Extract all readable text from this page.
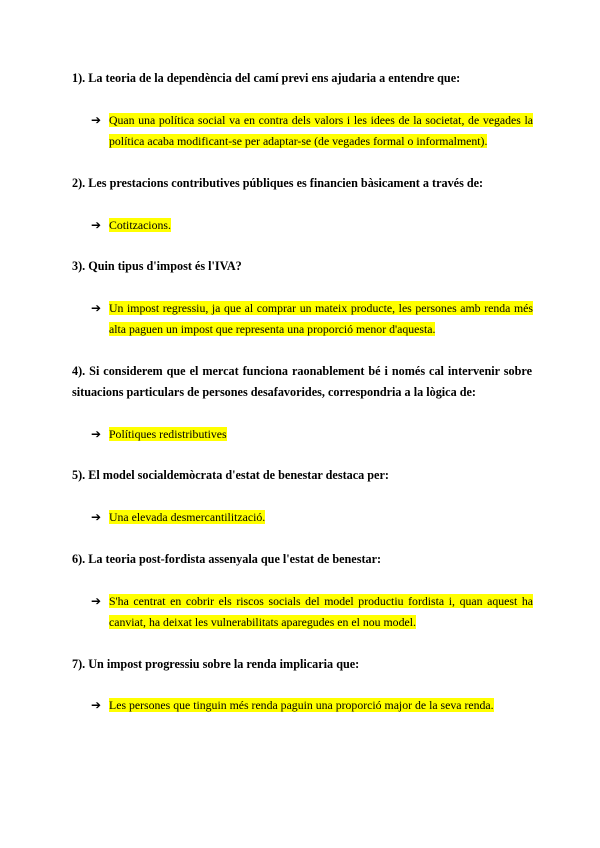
1). La teoria de la dependència del camí previ ens ajudaria a entendre que:

➔ Quan una política social va en contra dels valors i les idees de la societat, de vegades la política acaba modificant-se per adaptar-se (de vegades formal o informalment).

2). Les prestacions contributives públiques es financien bàsicament a través de:

➔ Cotitzacions.

3). Quin tipus d'impost és l'IVA?

➔ Un impost regressiu, ja que al comprar un mateix producte, les persones amb renda més alta paguen un impost que representa una proporció menor d'aquesta.

4). Si considerem que el mercat funciona raonablement bé i només cal intervenir sobre situacions particulars de persones desafavorides, correspondria a la lògica de:

➔ Polítiques redistributives

5). El model socialdemòcrata d'estat de benestar destaca per:

➔ Una elevada desmercantilització.

6). La teoria post-fordista assenyala que l'estat de benestar:

➔ S'ha centrat en cobrir els riscos socials del model productiu fordista i, quan aquest ha canviat, ha deixat les vulnerabilitats aparegudes en el nou model.

7). Un impost progressiu sobre la renda implicaria que:

➔ Les persones que tinguin més renda paguin una proporció major de la seva renda.
